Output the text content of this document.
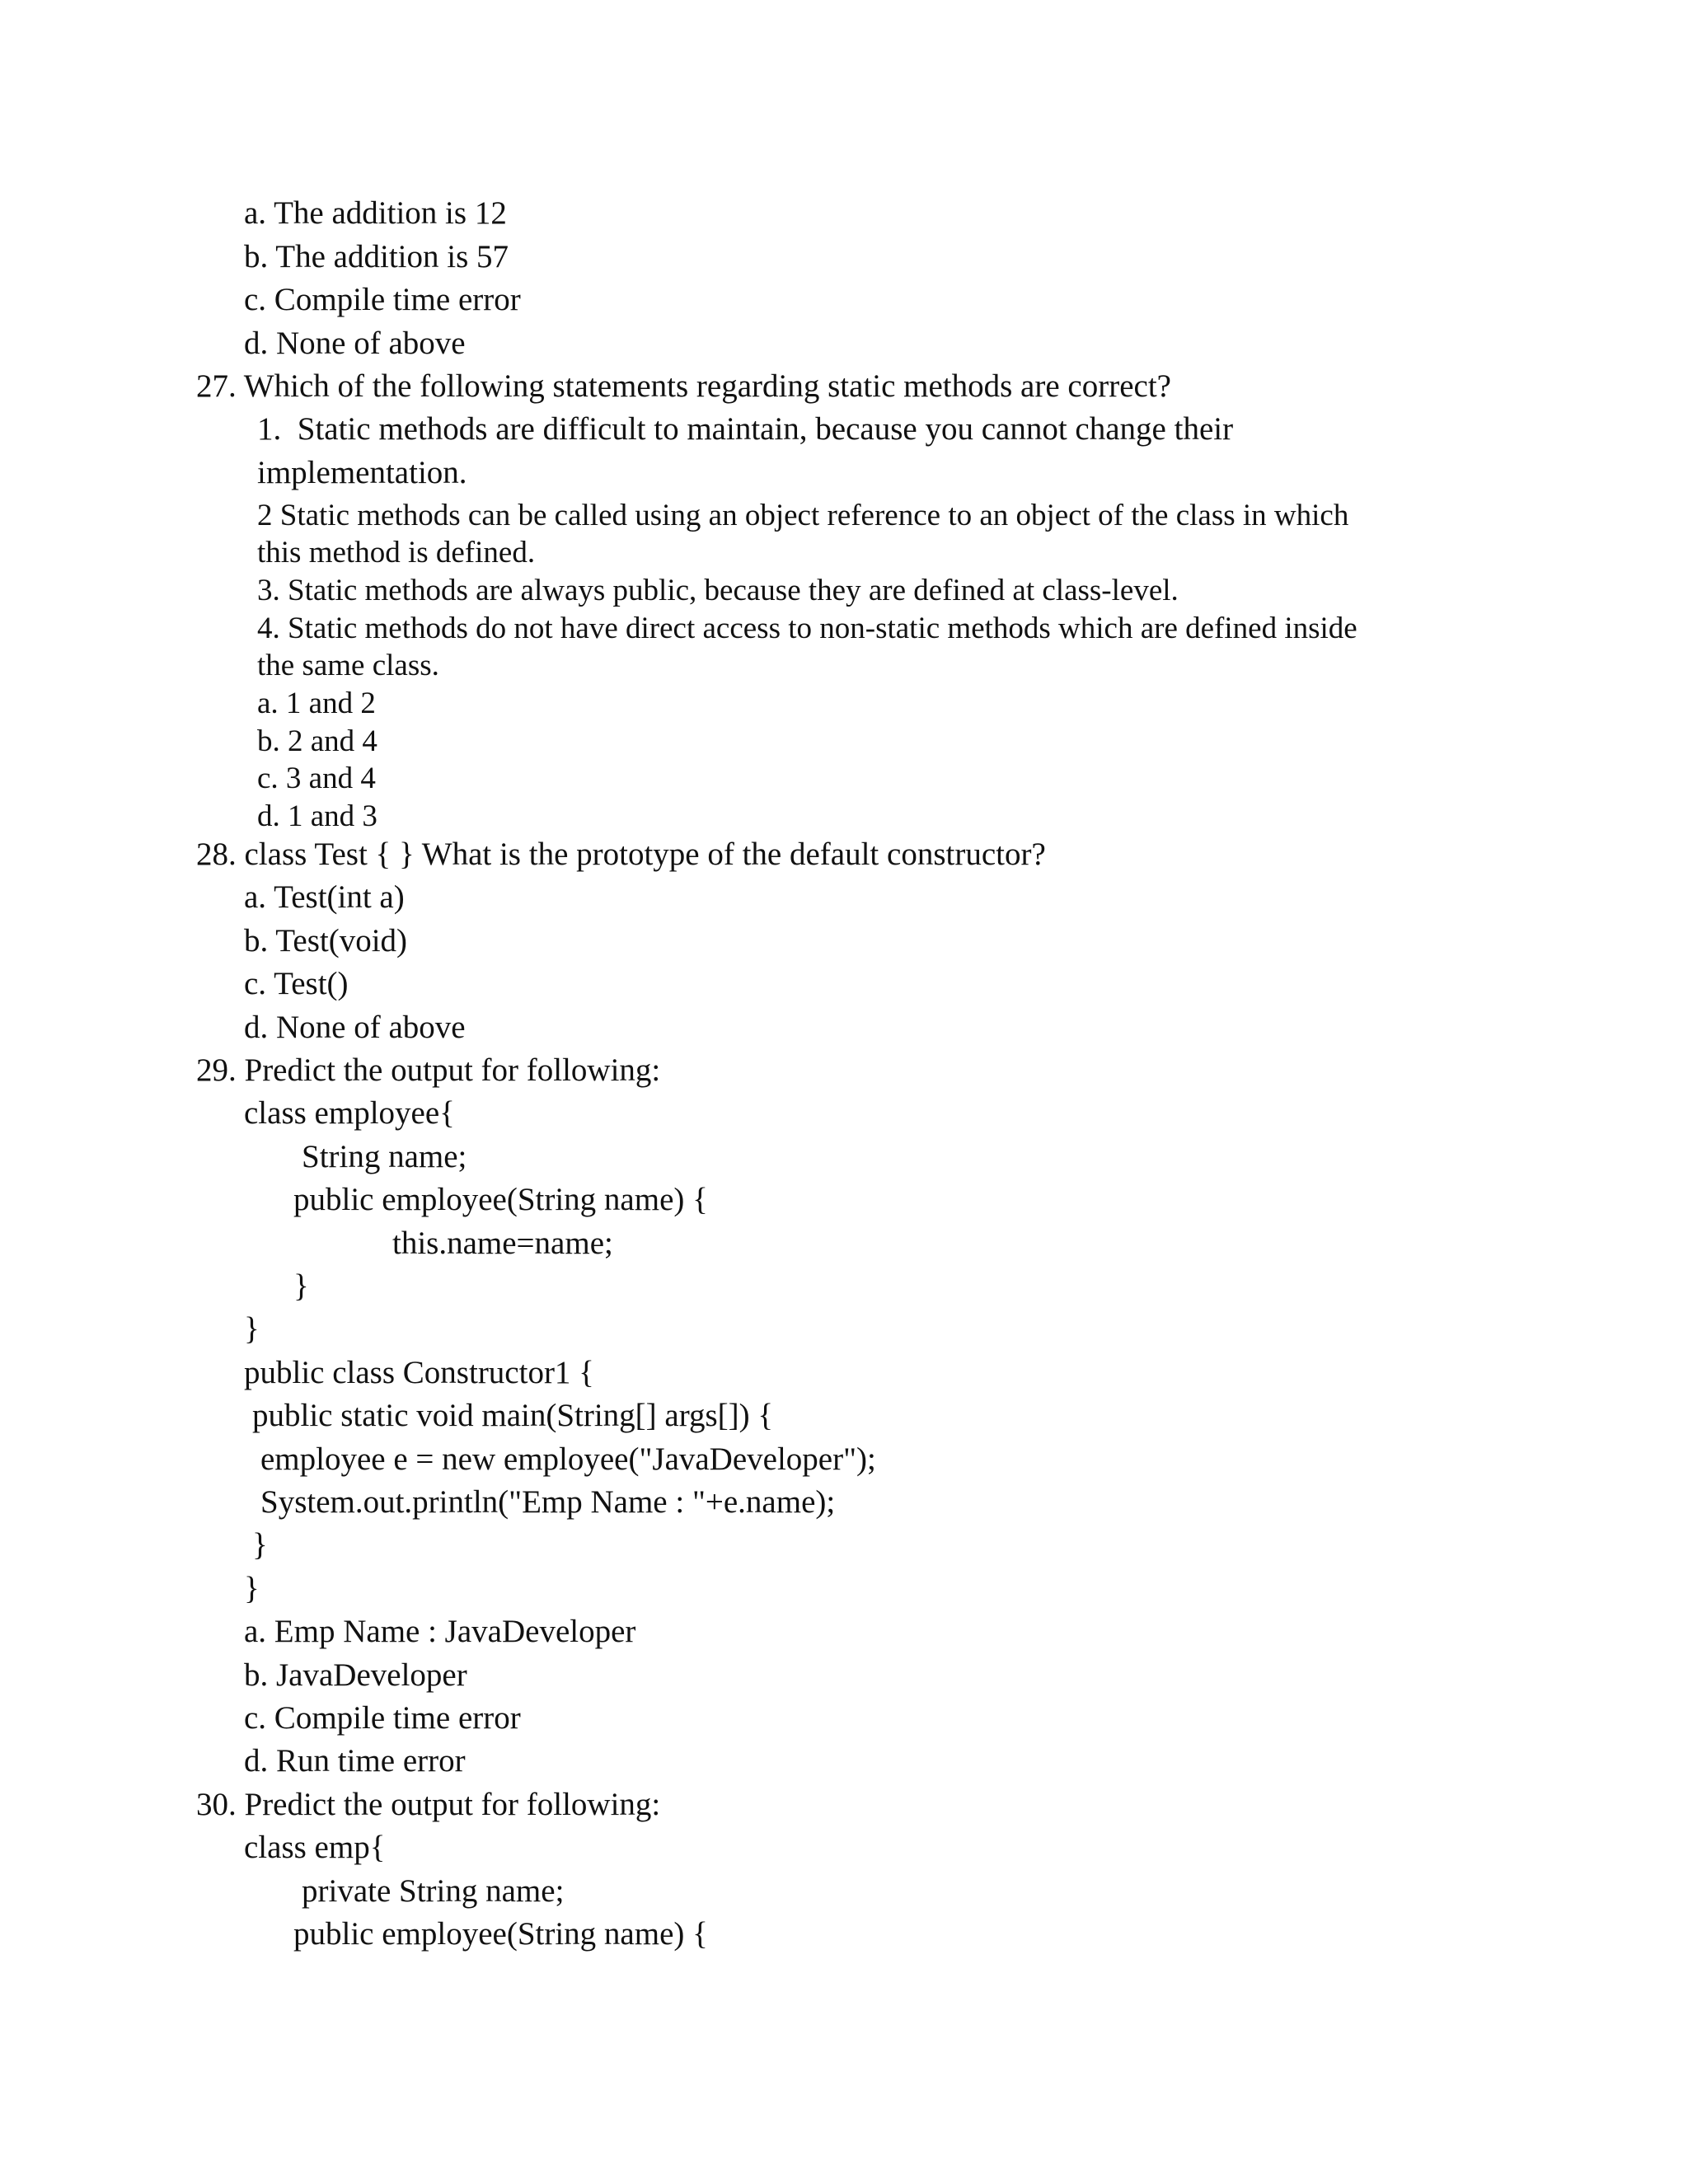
a. The addition is 12

b. The addition is 57

c. Compile time error

d. None of above

27. Which of the following statements regarding static methods are correct?

1.  Static methods are difficult to maintain, because you cannot change their

implementation.

2 Static methods can be called using an object reference to an object of the class in which

this method is defined.

3. Static methods are always public, because they are defined at class-level.

4. Static methods do not have direct access to non-static methods which are defined inside

the same class.

a. 1 and 2

b. 2 and 4

c. 3 and 4

d. 1 and 3

28. class Test { } What is the prototype of the default constructor?

a. Test(int a)

b. Test(void)

c. Test()

d. None of above

29. Predict the output for following:

class employee{

String name;

public employee(String name) {

this.name=name;

}

}

public class Constructor1 {

public static void main(String[] args[]) {

employee e = new employee("JavaDeveloper");

System.out.println("Emp Name : "+e.name);

}

}

a. Emp Name : JavaDeveloper

b. JavaDeveloper

c. Compile time error

d. Run time error

30. Predict the output for following:

class emp{

private String name;

public employee(String name) {
